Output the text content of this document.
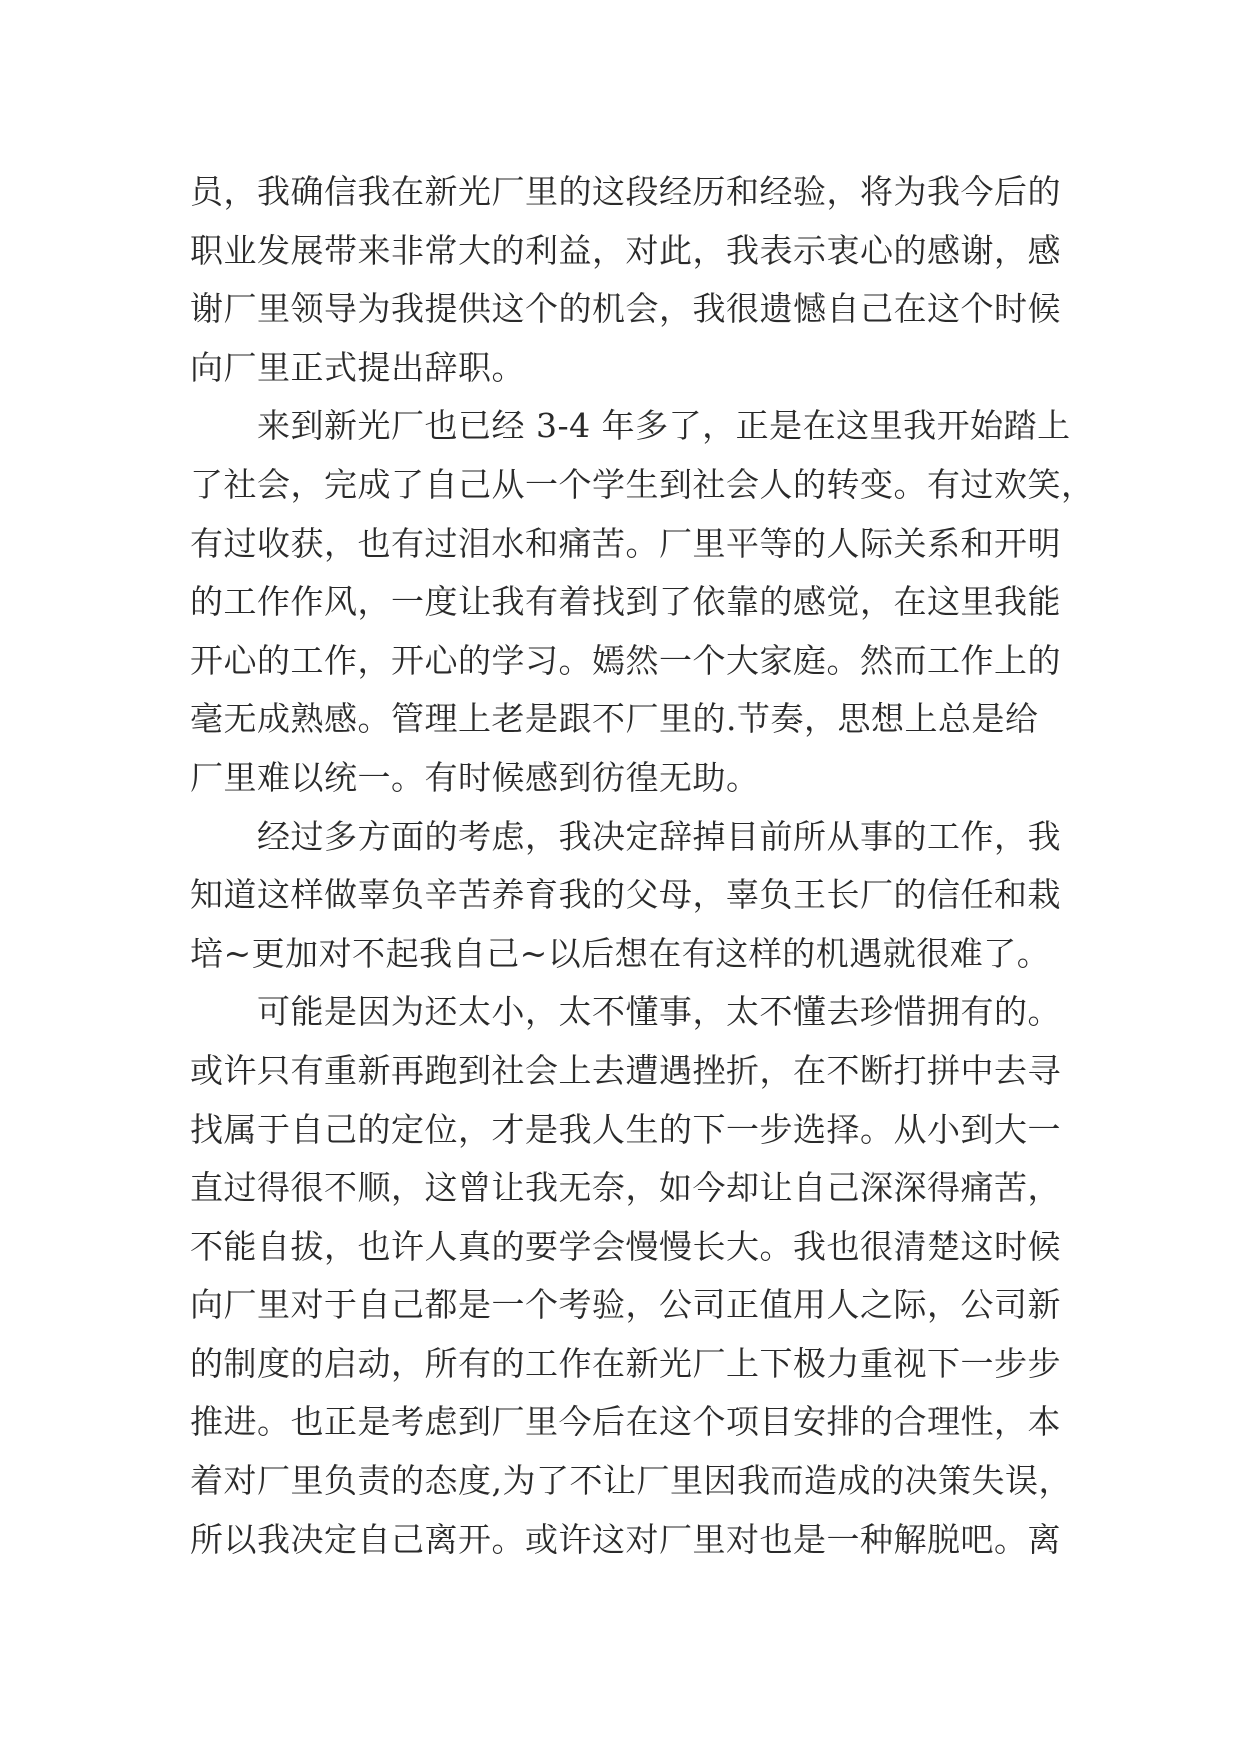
员，我确信我在新光厂里的这段经历和经验，将为我今后的
职业发展带来非常大的利益，对此，我表示衷心的感谢，感
谢厂里领导为我提供这个的机会，我很遗憾自己在这个时候
向厂里正式提出辞职。
　　来到新光厂也已经 3-4 年多了，正是在这里我开始踏上
了社会，完成了自己从一个学生到社会人的转变。有过欢笑，
有过收获，也有过泪水和痛苦。厂里平等的人际关系和开明
的工作作风，一度让我有着找到了依靠的感觉，在这里我能
开心的工作，开心的学习。嫣然一个大家庭。然而工作上的
毫无成熟感。管理上老是跟不厂里的.节奏，思想上总是给
厂里难以统一。有时候感到彷徨无助。
　　经过多方面的考虑，我决定辞掉目前所从事的工作，我
知道这样做辜负辛苦养育我的父母，辜负王长厂的信任和栽
培~更加对不起我自己~以后想在有这样的机遇就很难了。
　　可能是因为还太小，太不懂事，太不懂去珍惜拥有的。
或许只有重新再跑到社会上去遭遇挫折，在不断打拼中去寻
找属于自己的定位，才是我人生的下一步选择。从小到大一
直过得很不顺，这曾让我无奈，如今却让自己深深得痛苦，
不能自拔，也许人真的要学会慢慢长大。我也很清楚这时候
向厂里对于自己都是一个考验，公司正值用人之际，公司新
的制度的启动，所有的工作在新光厂上下极力重视下一步步
推进。也正是考虑到厂里今后在这个项目安排的合理性，本
着对厂里负责的态度,为了不让厂里因我而造成的决策失误，
所以我决定自己离开。或许这对厂里对也是一种解脱吧。离
